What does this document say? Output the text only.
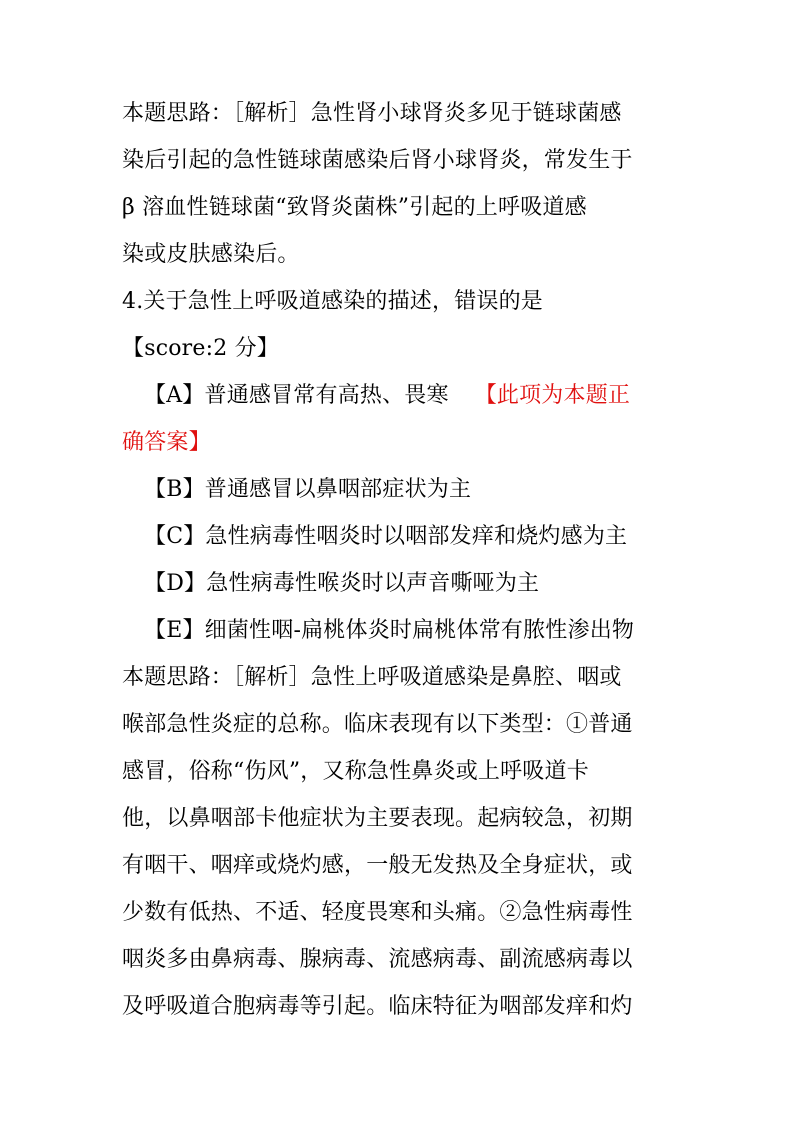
本题思路：［解析］急性肾小球肾炎多见于链球菌感
染后引起的急性链球菌感染后肾小球肾炎，常发生于
β 溶血性链球菌“致肾炎菌株”引起的上呼吸道感
染或皮肤感染后。
4.关于急性上呼吸道感染的描述，错误的是
【score:2 分】
【A】普通感冒常有高热、畏寒 【此项为本题正
确答案】
【B】普通感冒以鼻咽部症状为主
【C】急性病毒性咽炎时以咽部发痒和烧灼感为主
【D】急性病毒性喉炎时以声音嘶哑为主
【E】细菌性咽-扁桃体炎时扁桃体常有脓性渗出物
本题思路：［解析］急性上呼吸道感染是鼻腔、咽或
喉部急性炎症的总称。临床表现有以下类型：①普通
感冒，俗称“伤风”，又称急性鼻炎或上呼吸道卡
他，以鼻咽部卡他症状为主要表现。起病较急，初期
有咽干、咽痒或烧灼感，一般无发热及全身症状，或
少数有低热、不适、轻度畏寒和头痛。②急性病毒性
咽炎多由鼻病毒、腺病毒、流感病毒、副流感病毒以
及呼吸道合胞病毒等引起。临床特征为咽部发痒和灼
